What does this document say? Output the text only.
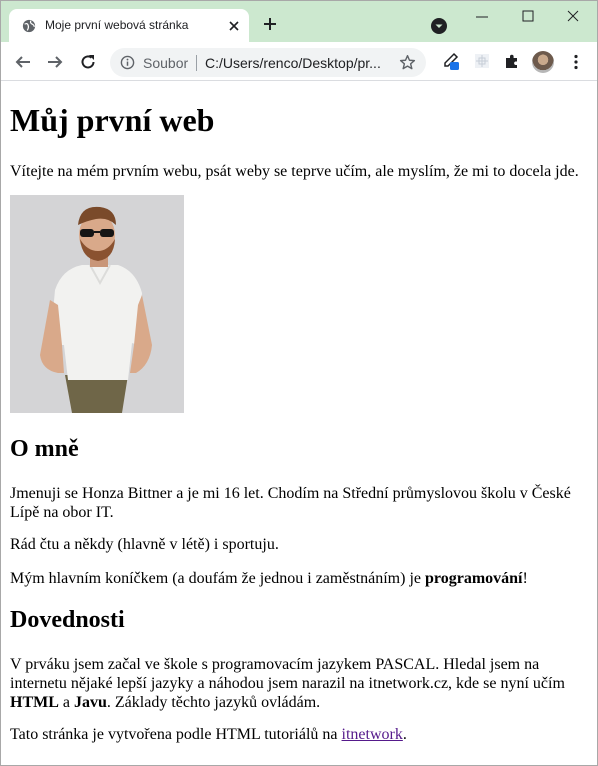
Moje první webová stránka
Soubor C:/Users/renco/Desktop/pr...
Můj první web

Vítejte na mém prvním webu, psát weby se teprve učím, ale myslím, že mi to docela jde.

O mně

Jmenuji se Honza Bittner a je mi 16 let. Chodím na Střední průmyslovou školu v České Lípě na obor IT.

Rád čtu a někdy (hlavně v létě) i sportuju.

Mým hlavním koníčkem (a doufám že jednou i zaměstnáním) je programování!

Dovednosti

V prváku jsem začal ve škole s programovacím jazykem PASCAL. Hledal jsem na internetu nějaké lepší jazyky a náhodou jsem narazil na itnetwork.cz, kde se nyní učím HTML a Javu. Základy těchto jazyků ovládám.

Tato stránka je vytvořena podle HTML tutoriálů na itnetwork.
